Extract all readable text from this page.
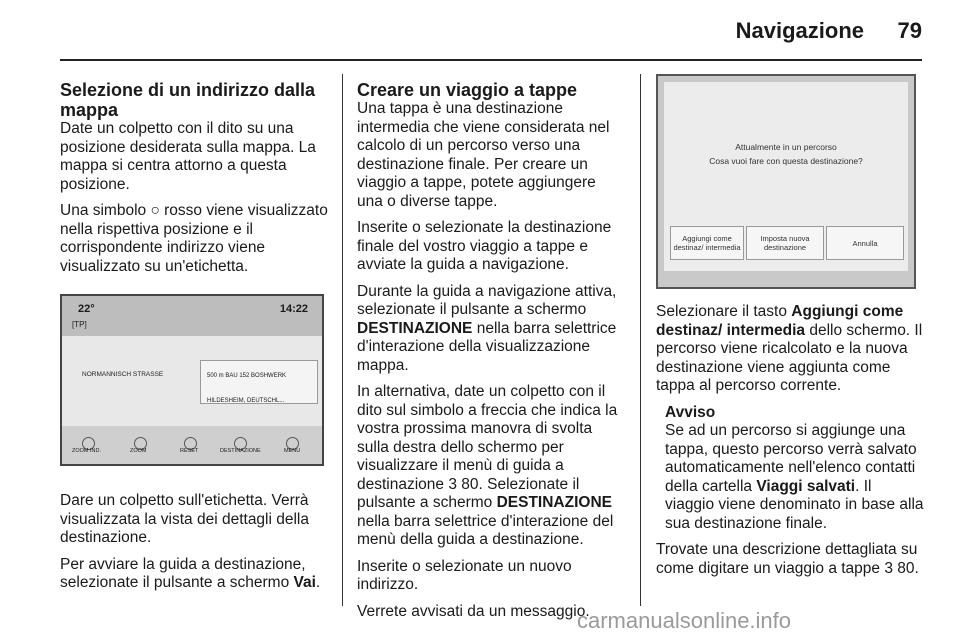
Navigazione 79
Selezione di un indirizzo dalla mappa

Date un colpetto con il dito su una posizione desiderata sulla mappa. La mappa si centra attorno a questa posizione.

Una simbolo ○ rosso viene visualizzato nella rispettiva posizione e il corrispondente indirizzo viene visualizzato su un'etichetta.

22°
[TP]
14:22
NORMANNISCH STRASSE	500 m BAU 152 BOSHWERK
HILDESHEIM, DEUTSCHL...
ZOOM IND.	ZOOM	RESET	DESTINAZIONE	MENU

Dare un colpetto sull'etichetta. Verrà visualizzata la vista dei dettagli della destinazione.

Per avviare la guida a destinazione, selezionate il pulsante a schermo Vai.

Creare un viaggio a tappe

Una tappa è una destinazione intermedia che viene considerata nel calcolo di un percorso verso una destinazione finale. Per creare un viaggio a tappe, potete aggiungere una o diverse tappe.

Inserite o selezionate la destinazione finale del vostro viaggio a tappe e avviate la guida a navigazione.

Durante la guida a navigazione attiva, selezionate il pulsante a schermo DESTINAZIONE nella barra selettrice d'interazione della visualizzazione mappa.

In alternativa, date un colpetto con il dito sul simbolo a freccia che indica la vostra prossima manovra di svolta sulla destra dello schermo per visualizzare il menù di guida a destinazione 3 80. Selezionate il pulsante a schermo DESTINAZIONE nella barra selettrice d'interazione del menù della guida a destinazione.

Inserite o selezionate un nuovo indirizzo.

Verrete avvisati da un messaggio.

Attualmente in un percorso
Cosa vuoi fare con questa destinazione?
Aggiungi come destinaz/ intermedia
Imposta nuova destinazione	Annulla

Selezionare il tasto Aggiungi come destinaz/ intermedia dello schermo. Il percorso viene ricalcolato e la nuova destinazione viene aggiunta come tappa al percorso corrente.

Avviso
Se ad un percorso si aggiunge una tappa, questo percorso verrà salvato automaticamente nell'elenco contatti della cartella Viaggi salvati. Il viaggio viene denominato in base alla sua destinazione finale.

Trovate una descrizione dettagliata su come digitare un viaggio a tappe 3 80.

carmanualsonline.info
